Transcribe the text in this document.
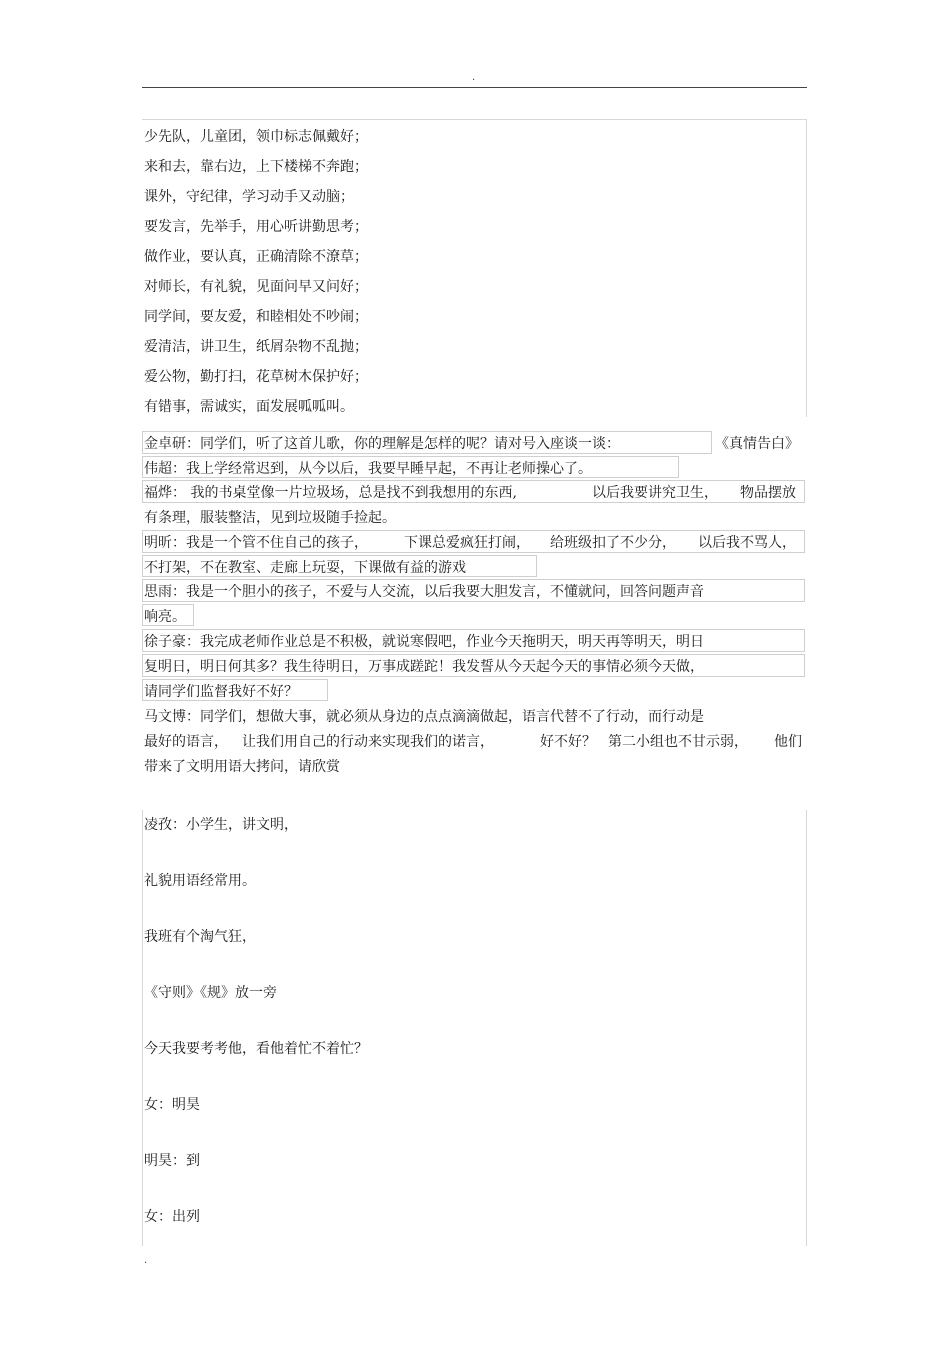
.
少先队，儿童团，领巾标志佩戴好；
来和去，靠右边，上下楼梯不奔跑；
课外，守纪律，学习动手又动脑；
要发言，先举手，用心听讲勤思考；
做作业，要认真，正确清除不潦草；
对师长，有礼貌，见面问早又问好；
同学间，要友爱，和睦相处不吵闹；
爱清洁，讲卫生，纸屑杂物不乱抛；
爱公物，勤打扫，花草树木保护好；
有错事，需诚实，面发展呱呱叫。
金卓研：同学们，听了这首儿歌，你的理解是怎样的呢？请对号入座谈一谈：	《真情告白》
伟超：我上学经常迟到，从今以后，我要早睡早起，不再让老师操心了。
福烨： 我的书桌堂像一片垃圾场，总是找不到我想用的东西,	以后我要讲究卫生， 物品摆放
有条理，服装整洁，见到垃圾随手捡起。
明昕：我是一个管不住自己的孩子，	下课总爱疯狂打闹， 给班级扣了不少分， 以后我不骂人，
不打架，不在教室、走廊上玩耍，下课做有益的游戏
思雨：我是一个胆小的孩子，不爱与人交流，以后我要大胆发言，不懂就问，回答问题声音
响亮。
徐子豪：我完成老师作业总是不积极，就说寒假吧，作业今天拖明天，明天再等明天，明日
复明日，明日何其多？我生待明日，万事成蹉跎！我发誓从今天起今天的事情必须今天做，
请同学们监督我好不好？
马文博：同学们，想做大事，就必须从身边的点点滴滴做起，语言代替不了行动，而行动是
最好的语言， 让我们用自己的行动来实现我们的诺言，	好不好？ 第二小组也不甘示弱， 他们
带来了文明用语大拷问，请欣赏
凌孜：小学生，讲文明，
礼貌用语经常用。
我班有个淘气狂，
《守则》《规》放一旁
今天我要考考他，看他着忙不着忙？
女：明昊
明昊：到
女：出列
.
